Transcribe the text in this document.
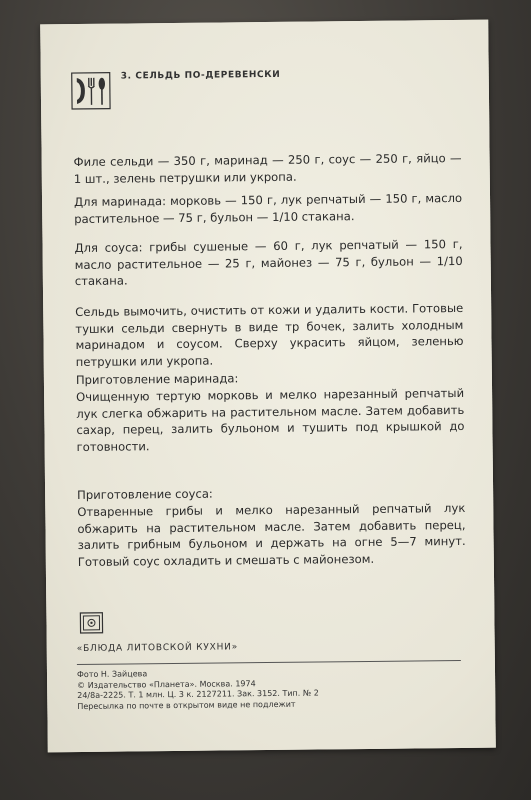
3. СЕЛЬДЬ ПО-ДЕРЕВЕНСКИ
Филе сельди — 350 г, маринад — 250 г, соус — 250 г, яйцо — 1 шт., зелень петрушки или укропа.
Для маринада: морковь — 150 г, лук репчатый — 150 г, масло растительное — 75 г, бульон — 1/10 стакана.
Для соуса: грибы сушеные — 60 г, лук репчатый — 150 г, масло растительное — 25 г, майонез — 75 г, бульон — 1/10 стакана.
Сельдь вымочить, очистить от кожи и удалить кости. Готовые тушки сельди свернуть в виде тр бочек, залить холодным маринадом и соусом. Сверху украсить яйцом, зеленью петрушки или укропа.
Приготовление маринада:
Очищенную тертую морковь и мелко нарезанный репчатый лук слегка обжарить на растительном масле. Затем добавить сахар, перец, залить бульоном и тушить под крышкой до готовности.
Приготовление соуса:
Отваренные грибы и мелко нарезанный репчатый лук обжарить на растительном масле. Затем добавить перец, залить грибным бульоном и держать на огне 5—7 минут. Готовый соус охладить и смешать с майонезом.
«БЛЮДА ЛИТОВСКОЙ КУХНИ»
Фото Н. Зайцева
© Издательство «Планета». Москва. 1974
24/8а-2225. Т. 1 млн. Ц. 3 к. 2127211. Зак. 3152. Тип. № 2
Пересылка по почте в открытом виде не подлежит
